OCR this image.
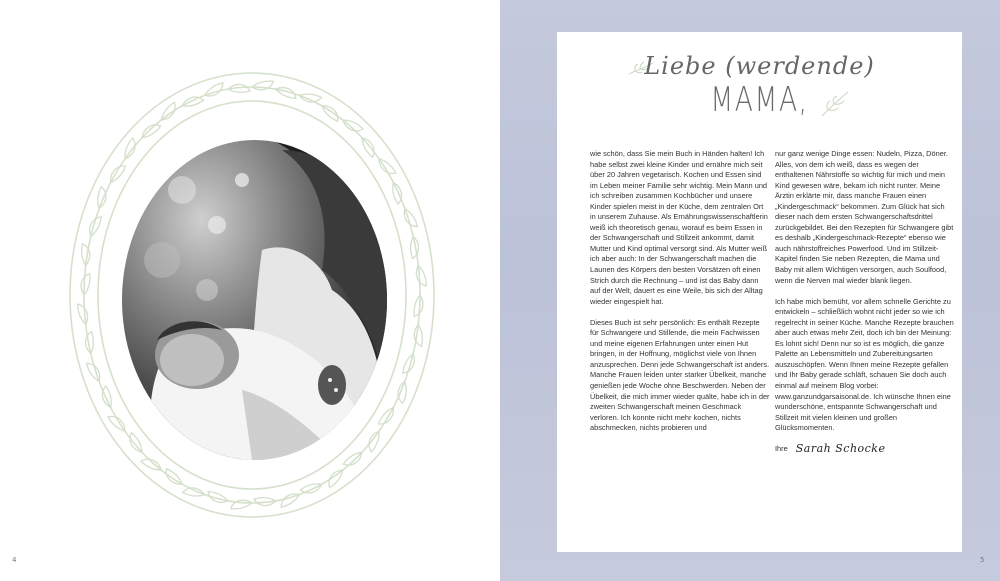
4	5
Liebe (werdende)
MAMA,

wie schön, dass Sie mein Buch in Händen halten! Ich habe selbst zwei kleine Kinder und ernähre mich seit über 20 Jahren vegetarisch. Kochen und Essen sind im Leben meiner Familie sehr wichtig. Mein Mann und ich schreiben zusammen Kochbücher und unsere Kinder spielen meist in der Küche, dem zentralen Ort in unserem Zuhause. Als Ernährungswissenschaftlerin weiß ich theoretisch genau, worauf es beim Essen in der Schwangerschaft und Stillzeit ankommt, damit Mutter und Kind optimal versorgt sind. Als Mutter weiß ich aber auch: In der Schwangerschaft machen die Launen des Körpers den besten Vorsätzen oft einen Strich durch die Rechnung – und ist das Baby dann auf der Welt, dauert es eine Weile, bis sich der Alltag wieder eingespielt hat.

Dieses Buch ist sehr persönlich: Es enthält Rezepte für Schwangere und Stillende, die mein Fachwissen und meine eigenen Erfahrungen unter einen Hut bringen, in der Hoffnung, möglichst viele von Ihnen anzusprechen. Denn jede Schwangerschaft ist anders. Manche Frauen leiden unter starker Übelkeit, manche genießen jede Woche ohne Beschwerden. Neben der Übelkeit, die mich immer wieder quälte, habe ich in der zweiten Schwangerschaft meinen Geschmack verloren. Ich konnte nicht mehr kochen, nichts abschmecken, nichts probieren und

nur ganz wenige Dinge essen: Nudeln, Pizza, Döner. Alles, von dem ich weiß, dass es wegen der enthaltenen Nährstoffe so wichtig für mich und mein Kind gewesen wäre, bekam ich nicht runter. Meine Ärztin erklärte mir, dass manche Frauen einen „Kindergeschmack“ bekommen. Zum Glück hat sich dieser nach dem ersten Schwangerschaftsdrittel zurückgebildet. Bei den Rezepten für Schwangere gibt es deshalb „Kindergeschmack-Rezepte“ ebenso wie auch nährstoffreiches Powerfood. Und im Stillzeit-Kapitel finden Sie neben Rezepten, die Mama und Baby mit allem Wichtigen versorgen, auch Soulfood, wenn die Nerven mal wieder blank liegen.

Ich habe mich bemüht, vor allem schnelle Gerichte zu entwickeln – schließlich wohnt nicht jeder so wie ich regelrecht in seiner Küche. Manche Rezepte brauchen aber auch etwas mehr Zeit, doch ich bin der Meinung: Es lohnt sich! Denn nur so ist es möglich, die ganze Palette an Lebensmitteln und Zubereitungsarten auszuschöpfen. Wenn Ihnen meine Rezepte gefallen und Ihr Baby gerade schläft, schauen Sie doch auch einmal auf meinem Blog vorbei: www.ganzundgarsaisonal.de. Ich wünsche Ihnen eine wunderschöne, entspannte Schwangerschaft und Stillzeit mit vielen kleinen und großen Glücksmomenten.

Ihre Sarah Schocke
